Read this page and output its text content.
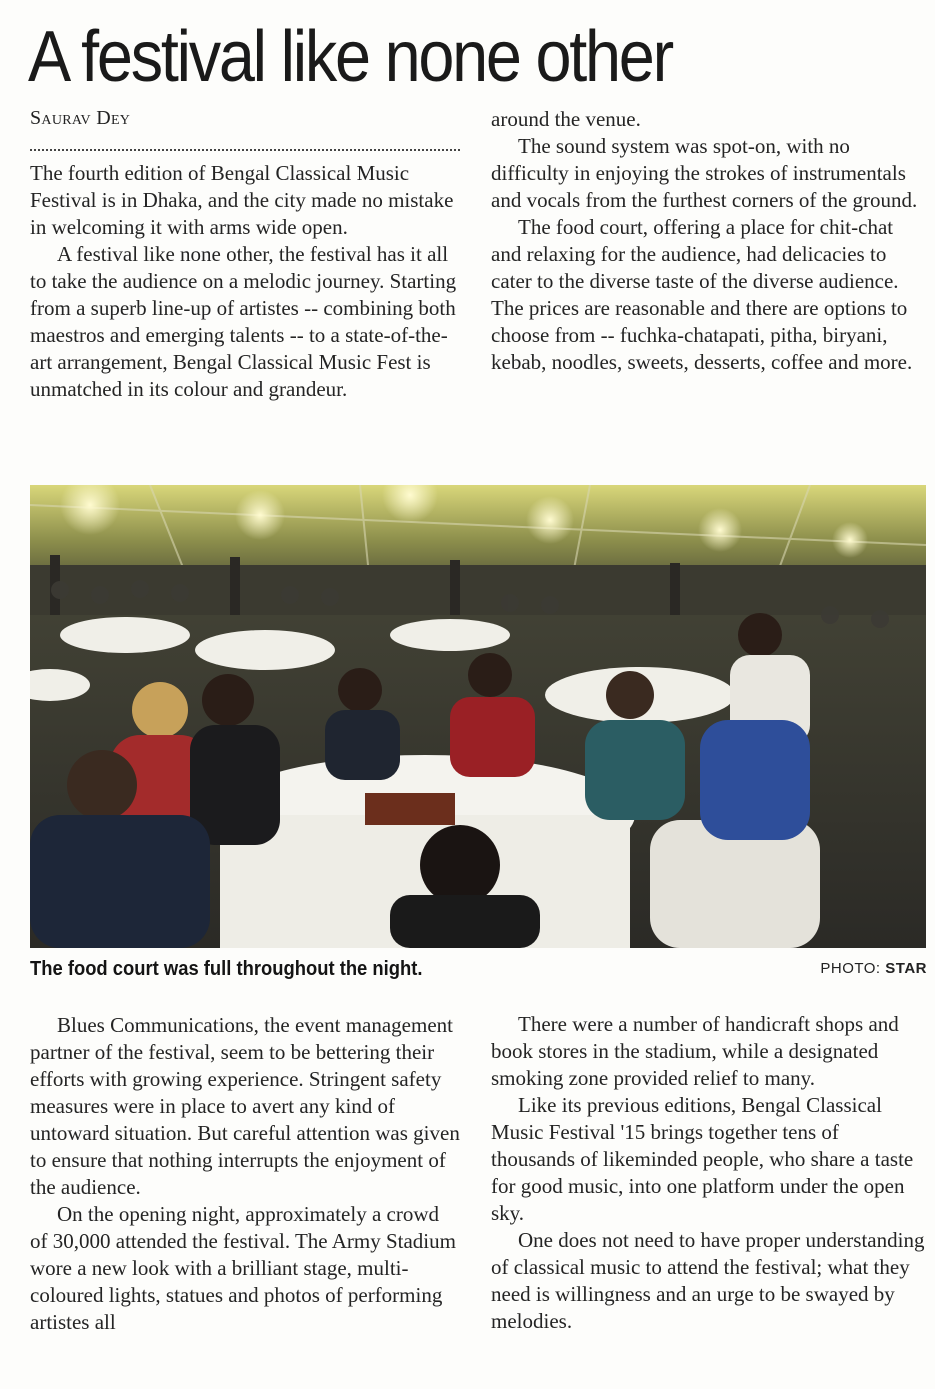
A festival like none other
Saurav Dey

The fourth edition of Bengal Classical Music Festival is in Dhaka, and the city made no mistake in welcoming it with arms wide open.

A festival like none other, the festival has it all to take the audience on a melodic journey. Starting from a superb line-up of artistes -- combining both maestros and emerging talents -- to a state-of-the-art arrangement, Bengal Classical Music Fest is unmatched in its colour and grandeur.

around the venue.

The sound system was spot-on, with no difficulty in enjoying the strokes of instrumentals and vocals from the furthest corners of the ground.

The food court, offering a place for chit-chat and relaxing for the audience, had delicacies to cater to the diverse taste of the diverse audience. The prices are reasonable and there are options to choose from -- fuchka-chatapati, pitha, biryani, kebab, noodles, sweets, desserts, coffee and more.

The food court was full throughout the night.	PHOTO: STAR

Blues Communications, the event management partner of the festival, seem to be bettering their efforts with growing experience. Stringent safety measures were in place to avert any kind of untoward situation. But careful attention was given to ensure that nothing interrupts the enjoyment of the audience.

On the opening night, approximately a crowd of 30,000 attended the festival. The Army Stadium wore a new look with a brilliant stage, multi-coloured lights, statues and photos of performing artistes all

There were a number of handicraft shops and book stores in the stadium, while a designated smoking zone provided relief to many.

Like its previous editions, Bengal Classical Music Festival '15 brings together tens of thousands of likeminded people, who share a taste for good music, into one platform under the open sky.

One does not need to have proper understanding of classical music to attend the festival; what they need is willingness and an urge to be swayed by melodies.
